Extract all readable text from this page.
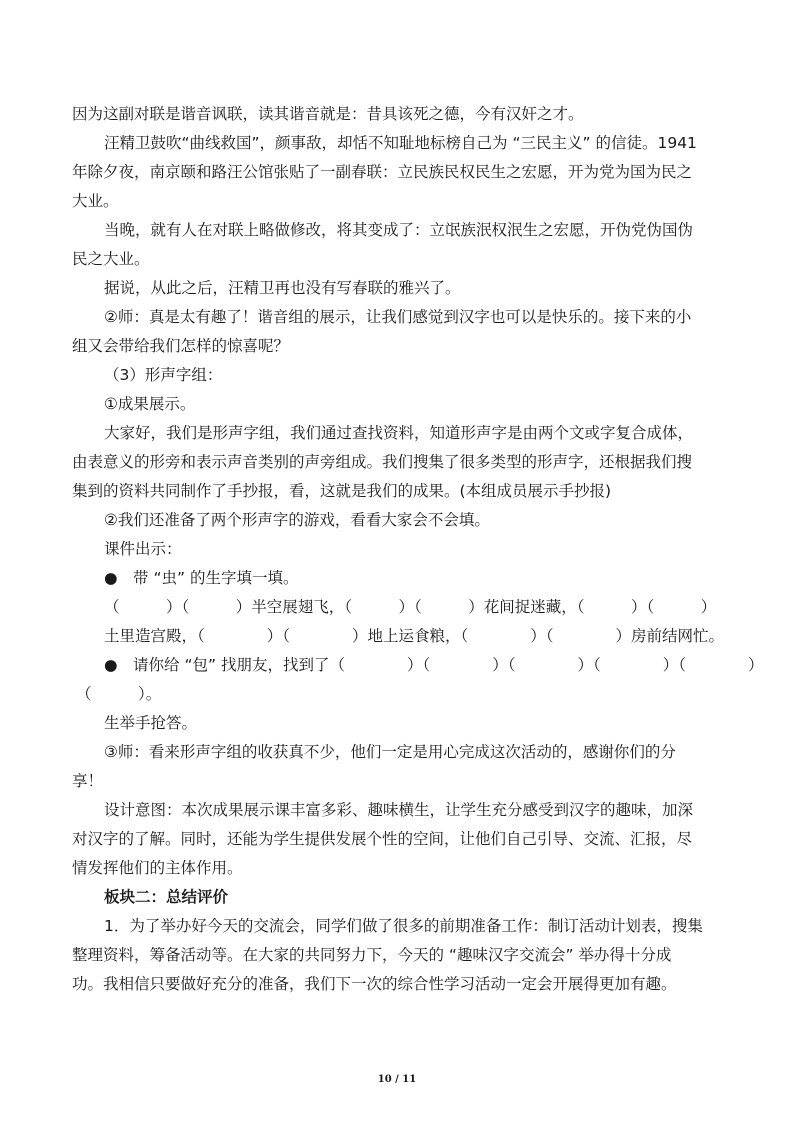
因为这副对联是谐音讽联，读其谐音就是：昔具该死之德，今有汉奸之才。
汪精卫鼓吹“曲线救国”，颜事敌，却恬不知耻地标榜自己为 “三民主义” 的信徒。1941
年除夕夜，南京颐和路汪公馆张贴了一副春联：立民族民权民生之宏愿，开为党为国为民之
大业。
当晚，就有人在对联上略做修改，将其变成了：立氓族泯权泯生之宏愿，开伪党伪国伪
民之大业。
据说，从此之后，汪精卫再也没有写春联的雅兴了。
②师：真是太有趣了！谐音组的展示，让我们感觉到汉字也可以是快乐的。接下来的小
组又会带给我们怎样的惊喜呢？
（3）形声字组：
①成果展示。
大家好，我们是形声字组，我们通过查找资料，知道形声字是由两个文或字复合成体，
由表意义的形旁和表示声音类别的声旁组成。我们搜集了很多类型的形声字，还根据我们搜
集到的资料共同制作了手抄报，看，这就是我们的成果。(本组成员展示手抄报)
②我们还准备了两个形声字的游戏，看看大家会不会填。
课件出示：
●　带 “虫” 的生字填一填。
（　　　）（　　　）半空展翅飞，（　　　）（　　　）花间捉迷藏，（　　　）（　　　）
土里造宫殿，（　　　　）（　　　　）地上运食粮，（　　　　）（　　　　）房前结网忙。
●　请你给 “包” 找朋友，找到了（　　　　）（　　　　）（　　　　）（　　　　）（　　　　）
（　　　）。
生举手抢答。
③师：看来形声字组的收获真不少，他们一定是用心完成这次活动的，感谢你们的分
享！
设计意图：本次成果展示课丰富多彩、趣味横生，让学生充分感受到汉字的趣味，加深
对汉字的了解。同时，还能为学生提供发展个性的空间，让他们自己引导、交流、汇报，尽
情发挥他们的主体作用。
板块二：总结评价
1．为了举办好今天的交流会，同学们做了很多的前期准备工作：制订活动计划表，搜集
整理资料，筹备活动等。在大家的共同努力下，今天的 “趣味汉字交流会” 举办得十分成
功。我相信只要做好充分的准备，我们下一次的综合性学习活动一定会开展得更加有趣。
10 / 11
